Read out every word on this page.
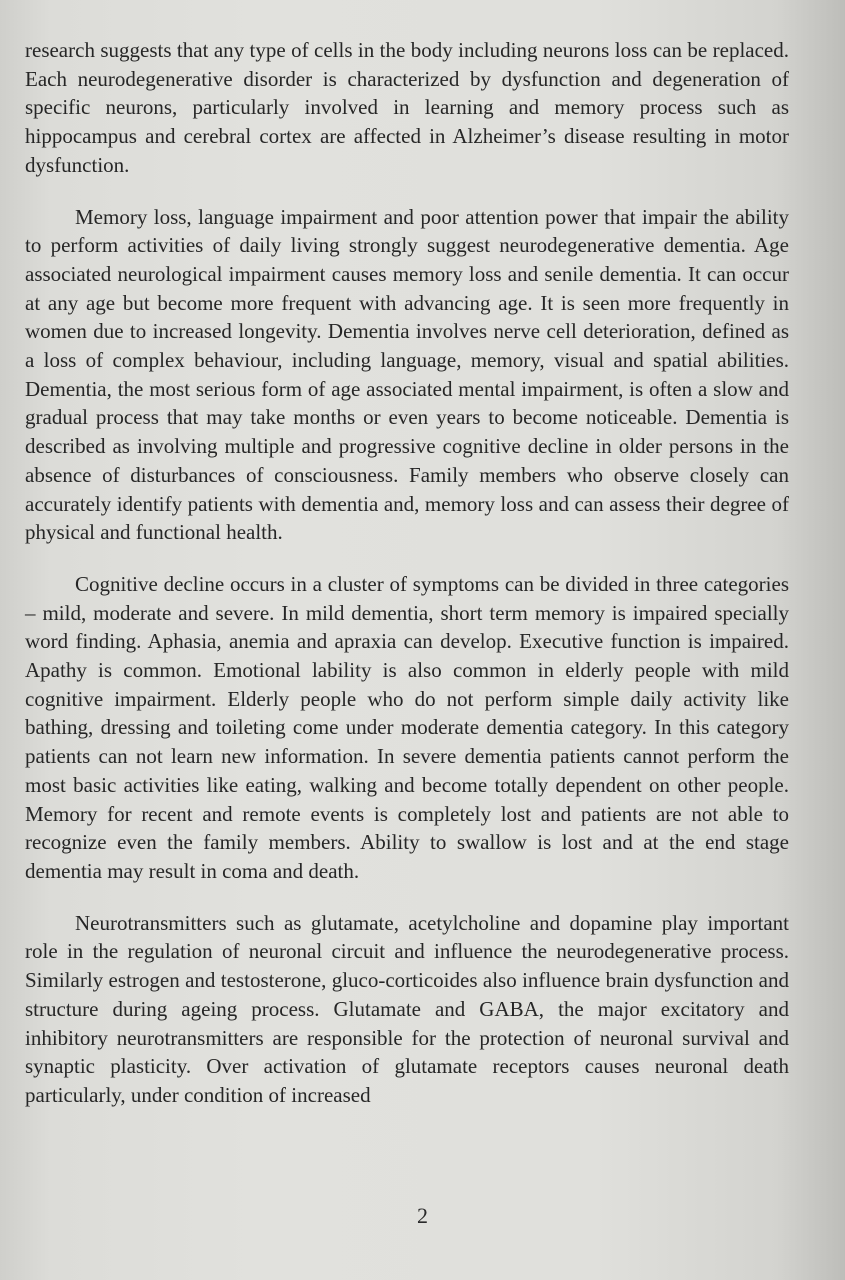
research suggests that any type of cells in the body including neurons loss can be replaced. Each neurodegenerative disorder is characterized by dysfunction and degeneration of specific neurons, particularly involved in learning and memory process such as hippocampus and cerebral cortex are affected in Alzheimer’s disease resulting in motor dysfunction.

Memory loss, language impairment and poor attention power that impair the ability to perform activities of daily living strongly suggest neurodegenerative dementia. Age associated neurological impairment causes memory loss and senile dementia. It can occur at any age but become more frequent with advancing age. It is seen more frequently in women due to increased longevity. Dementia involves nerve cell deterioration, defined as a loss of complex behaviour, including language, memory, visual and spatial abilities. Dementia, the most serious form of age associated mental impairment, is often a slow and gradual process that may take months or even years to become noticeable. Dementia is described as involving multiple and progressive cognitive decline in older persons in the absence of disturbances of consciousness. Family members who observe closely can accurately identify patients with dementia and, memory loss and can assess their degree of physical and functional health.

Cognitive decline occurs in a cluster of symptoms can be divided in three categories – mild, moderate and severe. In mild dementia, short term memory is impaired specially word finding. Aphasia, anemia and apraxia can develop. Executive function is impaired. Apathy is common. Emotional lability is also common in elderly people with mild cognitive impairment. Elderly people who do not perform simple daily activity like bathing, dressing and toileting come under moderate dementia category. In this category patients can not learn new information. In severe dementia patients cannot perform the most basic activities like eating, walking and become totally dependent on other people. Memory for recent and remote events is completely lost and patients are not able to recognize even the family members. Ability to swallow is lost and at the end stage dementia may result in coma and death.

Neurotransmitters such as glutamate, acetylcholine and dopamine play important role in the regulation of neuronal circuit and influence the neurodegenerative process. Similarly estrogen and testosterone, gluco-corticoides also influence brain dysfunction and structure during ageing process. Glutamate and GABA, the major excitatory and inhibitory neurotransmitters are responsible for the protection of neuronal survival and synaptic plasticity. Over activation of glutamate receptors causes neuronal death particularly, under condition of increased

2
